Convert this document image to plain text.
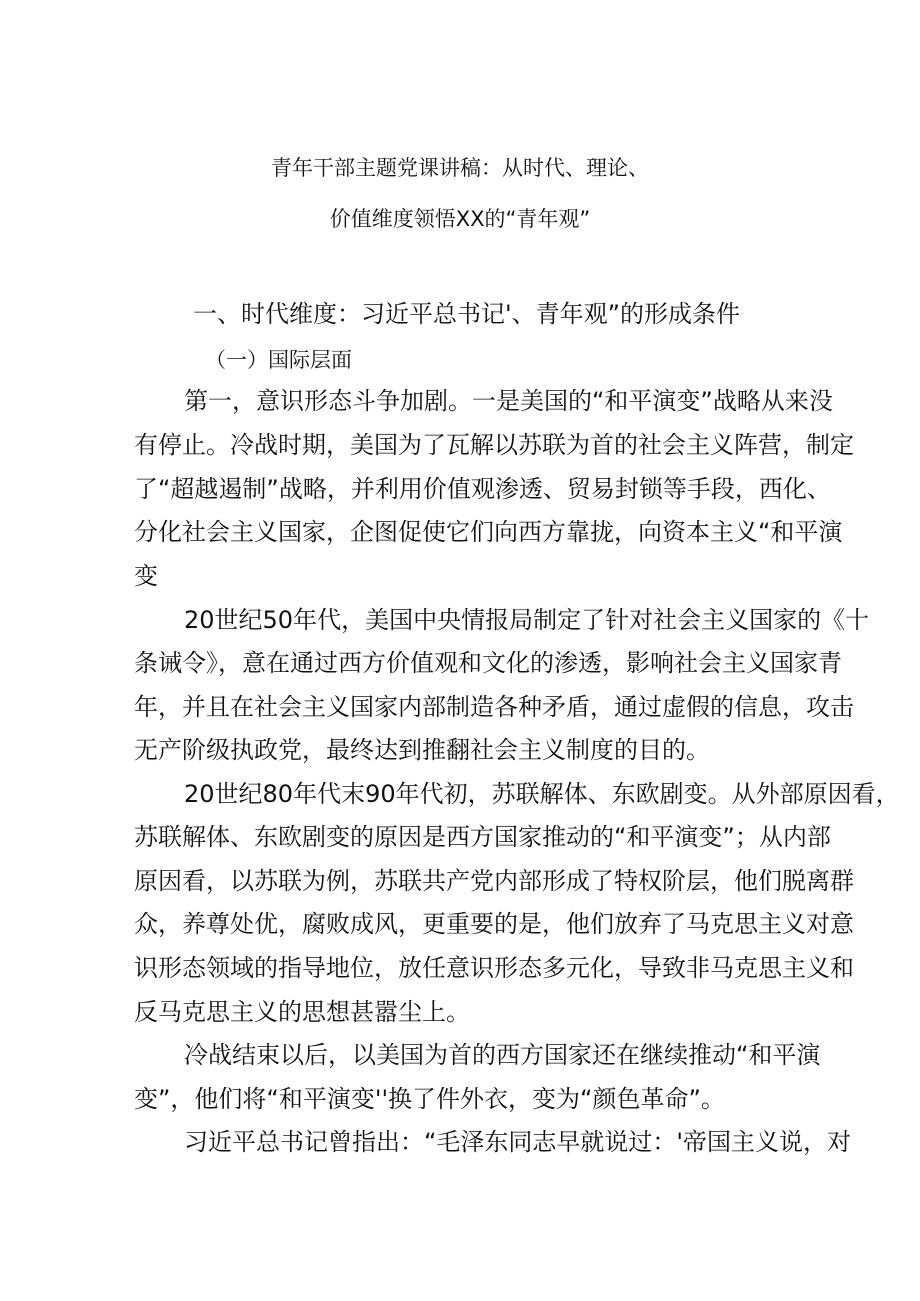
青年干部主题党课讲稿：从时代、理论、
价值维度领悟XX的“青年观”
一、时代维度：习近平总书记'、青年观”的形成条件
（一）国际层面
第一，意识形态斗争加剧。一是美国的“和平演变”战略从来没
有停止。冷战时期，美国为了瓦解以苏联为首的社会主义阵营，制定
了“超越遏制”战略，并利用价值观渗透、贸易封锁等手段，西化、
分化社会主义国家，企图促使它们向西方靠拢，向资本主义“和平演
变
20世纪50年代，美国中央情报局制定了针对社会主义国家的《十
条诫令》，意在通过西方价值观和文化的渗透，影响社会主义国家青
年，并且在社会主义国家内部制造各种矛盾，通过虚假的信息，攻击
无产阶级执政党，最终达到推翻社会主义制度的目的。
20世纪80年代末90年代初，苏联解体、东欧剧变。从外部原因看，
苏联解体、东欧剧变的原因是西方国家推动的“和平演变”；从内部
原因看，以苏联为例，苏联共产党内部形成了特权阶层，他们脱离群
众，养尊处优，腐败成风，更重要的是，他们放弃了马克思主义对意
识形态领域的指导地位，放任意识形态多元化，导致非马克思主义和
反马克思主义的思想甚嚣尘上。
冷战结束以后，以美国为首的西方国家还在继续推动“和平演
变”，他们将“和平演变''换了件外衣，变为“颜色革命”。
习近平总书记曾指出：“毛泽东同志早就说过：'帝国主义说，对
